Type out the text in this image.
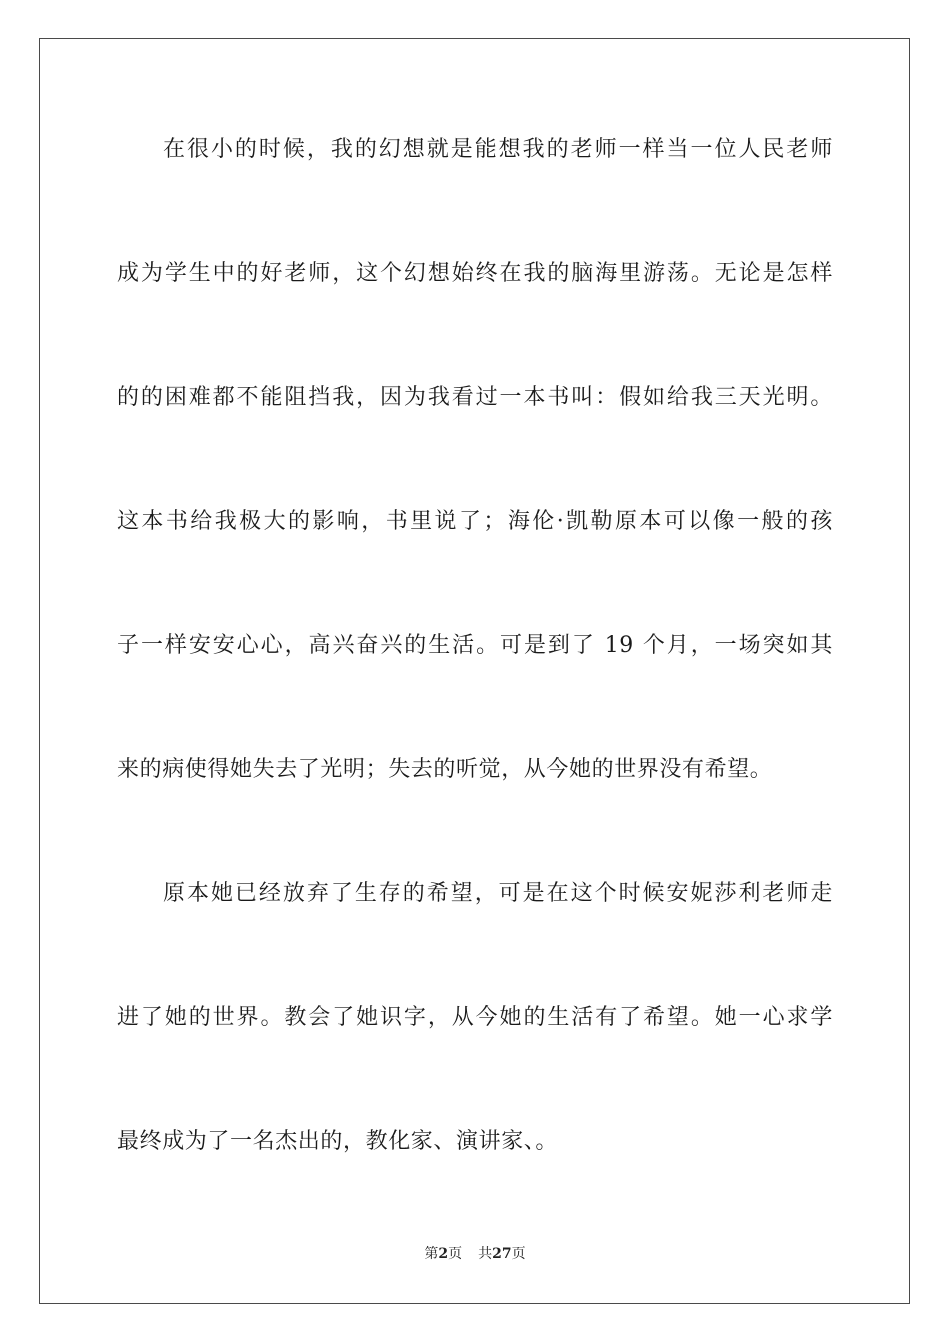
在很小的时候，我的幻想就是能想我的老师一样当一位人民老师
成为学生中的好老师，这个幻想始终在我的脑海里游荡。无论是怎样
的的困难都不能阻挡我，因为我看过一本书叫：假如给我三天光明。
这本书给我极大的影响，书里说了；海伦·凯勒原本可以像一般的孩
子一样安安心心，高兴奋兴的生活。可是到了 19 个月，一场突如其
来的病使得她失去了光明；失去的听觉，从今她的世界没有希望。
原本她已经放弃了生存的希望，可是在这个时候安妮莎利老师走
进了她的世界。教会了她识字，从今她的生活有了希望。她一心求学
最终成为了一名杰出的，教化家、演讲家、。
第2页 共27页
